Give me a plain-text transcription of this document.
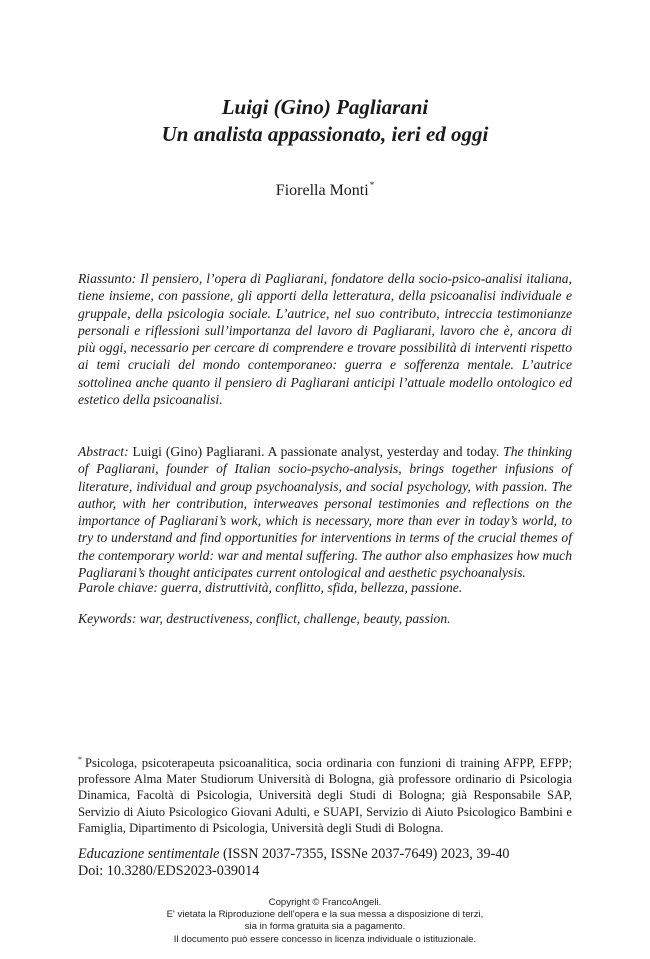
Luigi (Gino) Pagliarani
Un analista appassionato, ieri ed oggi
Fiorella Monti*
Riassunto: Il pensiero, l’opera di Pagliarani, fondatore della socio-psico-analisi italiana, tiene insieme, con passione, gli apporti della letteratura, della psicoanalisi individuale e gruppale, della psicologia sociale. L’autrice, nel suo contributo, intreccia testimonianze personali e riflessioni sull’importanza del lavoro di Pagliarani, lavoro che è, ancora di più oggi, necessario per cercare di comprendere e trovare possibilità di interventi rispetto ai temi cruciali del mondo contemporaneo: guerra e sofferenza mentale. L’autrice sottolinea anche quanto il pensiero di Pagliarani anticipi l’attuale modello ontologico ed estetico della psicoanalisi.
Abstract: Luigi (Gino) Pagliarani. A passionate analyst, yesterday and today. The thinking of Pagliarani, founder of Italian socio-psycho-analysis, brings together infusions of literature, individual and group psychoanalysis, and social psychology, with passion. The author, with her contribution, interweaves personal testimonies and reflections on the importance of Pagliarani’s work, which is necessary, more than ever in today’s world, to try to understand and find opportunities for interventions in terms of the crucial themes of the contemporary world: war and mental suffering. The author also emphasizes how much Pagliarani’s thought anticipates current ontological and aesthetic psychoanalysis.
Parole chiave: guerra, distruttività, conflitto, sfida, bellezza, passione.
Keywords: war, destructiveness, conflict, challenge, beauty, passion.
* Psicologa, psicoterapeuta psicoanalitica, socia ordinaria con funzioni di training AFPP, EFPP; professore Alma Mater Studiorum Università di Bologna, già professore ordinario di Psicologia Dinamica, Facoltà di Psicologia, Università degli Studi di Bologna; già Responsabile SAP, Servizio di Aiuto Psicologico Giovani Adulti, e SUAPI, Servizio di Aiuto Psicologico Bambini e Famiglia, Dipartimento di Psicologia, Università degli Studi di Bologna.
Educazione sentimentale (ISSN 2037-7355, ISSNe 2037-7649) 2023, 39-40
Doi: 10.3280/EDS2023-039014
Copyright © FrancoAngeli.
E' vietata la Riproduzione dell'opera e la sua messa a disposizione di terzi,
sia in forma gratuita sia a pagamento.
Il documento può essere concesso in licenza individuale o istituzionale.
